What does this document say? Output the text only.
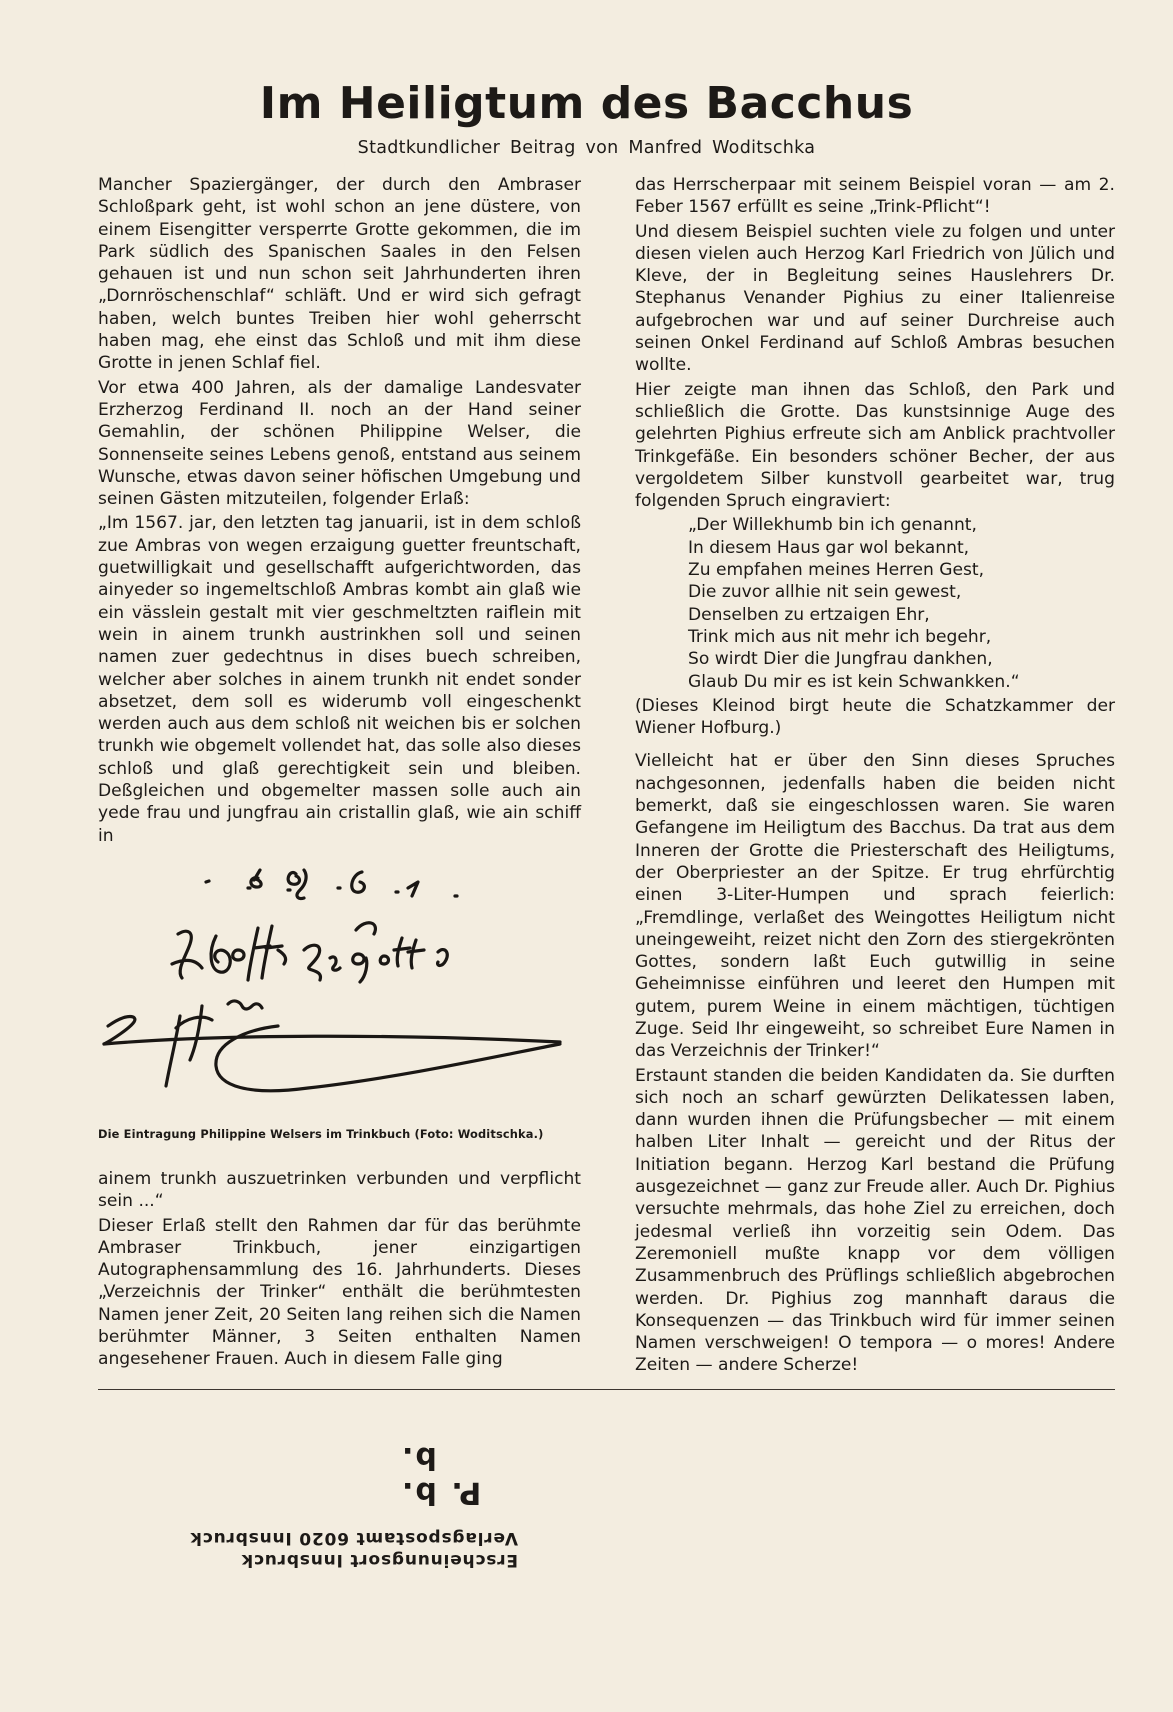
Im Heiligtum des Bacchus
Stadtkundlicher Beitrag von Manfred Woditschka

Mancher Spaziergänger, der durch den Ambraser Schloßpark geht, ist wohl schon an jene düstere, von einem Eisengitter versperrte Grotte gekommen, die im Park südlich des Spanischen Saales in den Felsen gehauen ist und nun schon seit Jahrhunderten ihren „Dornröschenschlaf“ schläft. Und er wird sich gefragt haben, welch buntes Treiben hier wohl geherrscht haben mag, ehe einst das Schloß und mit ihm diese Grotte in jenen Schlaf fiel.

Vor etwa 400 Jahren, als der damalige Landesvater Erzherzog Ferdinand II. noch an der Hand seiner Gemahlin, der schönen Philippine Welser, die Sonnenseite seines Lebens genoß, entstand aus seinem Wunsche, etwas davon seiner höfischen Umgebung und seinen Gästen mitzuteilen, folgender Erlaß:

„Im 1567. jar, den letzten tag januarii, ist in dem schloß zue Ambras von wegen erzaigung guetter freuntschaft, guetwilligkait und gesellschafft aufgerichtworden, das ainyeder so ingemeltschloß Ambras kombt ain glaß wie ein vässlein gestalt mit vier geschmeltzten raiflein mit wein in ainem trunkh austrinkhen soll und seinen namen zuer gedechtnus in dises buech schreiben, welcher aber solches in ainem trunkh nit endet sonder absetzet, dem soll es widerumb voll eingeschenkt werden auch aus dem schloß nit weichen bis er solchen trunkh wie obgemelt vollendet hat, das solle also dieses schloß und glaß gerechtigkeit sein und bleiben. Deßgleichen und obgemelter massen solle auch ain yede frau und jungfrau ain cristallin glaß, wie ain schiff in

Die Eintragung Philippine Welsers im Trinkbuch (Foto: Woditschka.)

ainem trunkh auszuetrinken verbunden und verpflicht sein ...“

Dieser Erlaß stellt den Rahmen dar für das berühmte Ambraser Trinkbuch, jener einzigartigen Autographensammlung des 16. Jahrhunderts. Dieses „Verzeichnis der Trinker“ enthält die berühmtesten Namen jener Zeit, 20 Seiten lang reihen sich die Namen berühmter Männer, 3 Seiten enthalten Namen angesehener Frauen. Auch in diesem Falle ging

das Herrscherpaar mit seinem Beispiel voran — am 2. Feber 1567 erfüllt es seine „Trink-Pflicht“!

Und diesem Beispiel suchten viele zu folgen und unter diesen vielen auch Herzog Karl Friedrich von Jülich und Kleve, der in Begleitung seines Hauslehrers Dr. Stephanus Venander Pighius zu einer Italienreise aufgebrochen war und auf seiner Durchreise auch seinen Onkel Ferdinand auf Schloß Ambras besuchen wollte.

Hier zeigte man ihnen das Schloß, den Park und schließlich die Grotte. Das kunstsinnige Auge des gelehrten Pighius erfreute sich am Anblick prachtvoller Trinkgefäße. Ein besonders schöner Becher, der aus vergoldetem Silber kunstvoll gearbeitet war, trug folgenden Spruch eingraviert:

„Der Willekhumb bin ich genannt,
In diesem Haus gar wol bekannt,
Zu empfahen meines Herren Gest,
Die zuvor allhie nit sein gewest,
Denselben zu ertzaigen Ehr,
Trink mich aus nit mehr ich begehr,
So wirdt Dier die Jungfrau dankhen,
Glaub Du mir es ist kein Schwankken.“

(Dieses Kleinod birgt heute die Schatzkammer der Wiener Hofburg.)

Vielleicht hat er über den Sinn dieses Spruches nachgesonnen, jedenfalls haben die beiden nicht bemerkt, daß sie eingeschlossen waren. Sie waren Gefangene im Heiligtum des Bacchus. Da trat aus dem Inneren der Grotte die Priesterschaft des Heiligtums, der Oberpriester an der Spitze. Er trug ehrfürchtig einen 3-Liter-Humpen und sprach feierlich: „Fremdlinge, verlaßet des Weingottes Heiligtum nicht uneingeweiht, reizet nicht den Zorn des stiergekrönten Gottes, sondern laßt Euch gutwillig in seine Geheimnisse einführen und leeret den Humpen mit gutem, purem Weine in einem mächtigen, tüchtigen Zuge. Seid Ihr eingeweiht, so schreibet Eure Namen in das Verzeichnis der Trinker!“

Erstaunt standen die beiden Kandidaten da. Sie durften sich noch an scharf gewürzten Delikatessen laben, dann wurden ihnen die Prüfungsbecher — mit einem halben Liter Inhalt — gereicht und der Ritus der Initiation begann. Herzog Karl bestand die Prüfung ausgezeichnet — ganz zur Freude aller. Auch Dr. Pighius versuchte mehrmals, das hohe Ziel zu erreichen, doch jedesmal verließ ihn vorzeitig sein Odem. Das Zeremoniell mußte knapp vor dem völligen Zusammenbruch des Prüflings schließlich abgebrochen werden. Dr. Pighius zog mannhaft daraus die Konsequenzen — das Trinkbuch wird für immer seinen Namen verschweigen! O tempora — o mores! Andere Zeiten — andere Scherze!

Erscheinungsort Innsbruck
Verlagspostamt 6020 Innsbruck
P. b. b.
